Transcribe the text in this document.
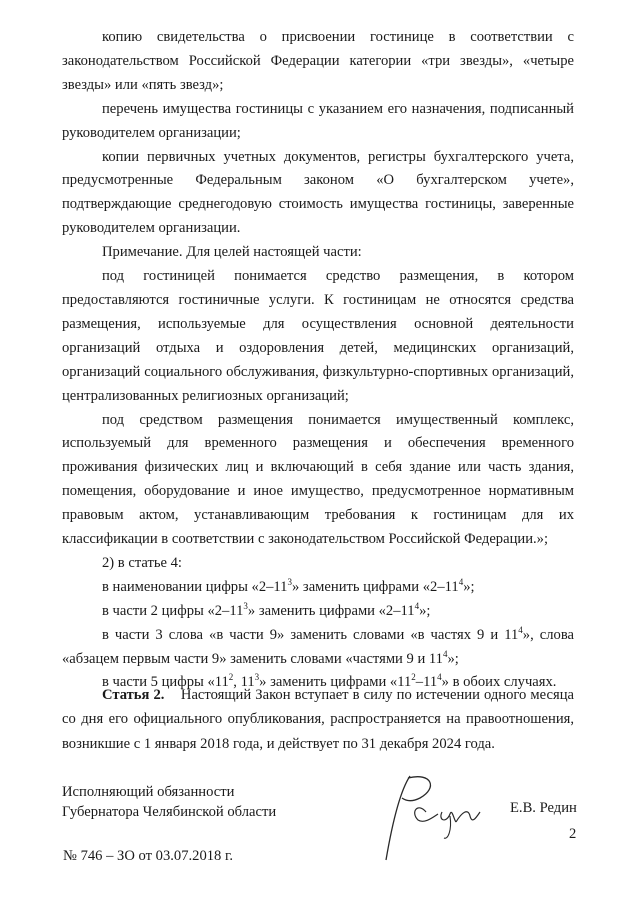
копию свидетельства о присвоении гостинице в соответствии с законодательством Российской Федерации категории «три звезды», «четыре звезды» или «пять звезд»;

перечень имущества гостиницы с указанием его назначения, подписанный руководителем организации;

копии первичных учетных документов, регистры бухгалтерского учета, предусмотренные Федеральным законом «О бухгалтерском учете», подтверждающие среднегодовую стоимость имущества гостиницы, заверенные руководителем организации.

Примечание. Для целей настоящей части:

под гостиницей понимается средство размещения, в котором предоставляются гостиничные услуги. К гостиницам не относятся средства размещения, используемые для осуществления основной деятельности организаций отдыха и оздоровления детей, медицинских организаций, организаций социального обслуживания, физкультурно-спортивных организаций, централизованных религиозных организаций;

под средством размещения понимается имущественный комплекс, используемый для временного размещения и обеспечения временного проживания физических лиц и включающий в себя здание или часть здания, помещения, оборудование и иное имущество, предусмотренное нормативным правовым актом, устанавливающим требования к гостиницам для их классификации в соответствии с законодательством Российской Федерации.»;

2) в статье 4:

в наименовании цифры «$2-11^3$» заменить цифрами «$2-11^4$»;

в части 2 цифры «$2-11^3$» заменить цифрами «$2-11^4$»;

в части 3 слова «в части 9» заменить словами «в частях 9 и $11^4$», слова «абзацем первым части 9» заменить словами «частями 9 и $11^4$»;

в части 5 цифры «$11^2$, $11^3$» заменить цифрами «$11^2-11^4$» в обоих случаях.

Статья 2. Настоящий Закон вступает в силу по истечении одного месяца со дня его официального опубликования, распространяется на правоотношения, возникшие с 1 января 2018 года, и действует по 31 декабря 2024 года.
Исполняющий обязанности
Губернатора Челябинской области	Е.В. Редин
2
№ 746 – ЗО от 03.07.2018 г.
